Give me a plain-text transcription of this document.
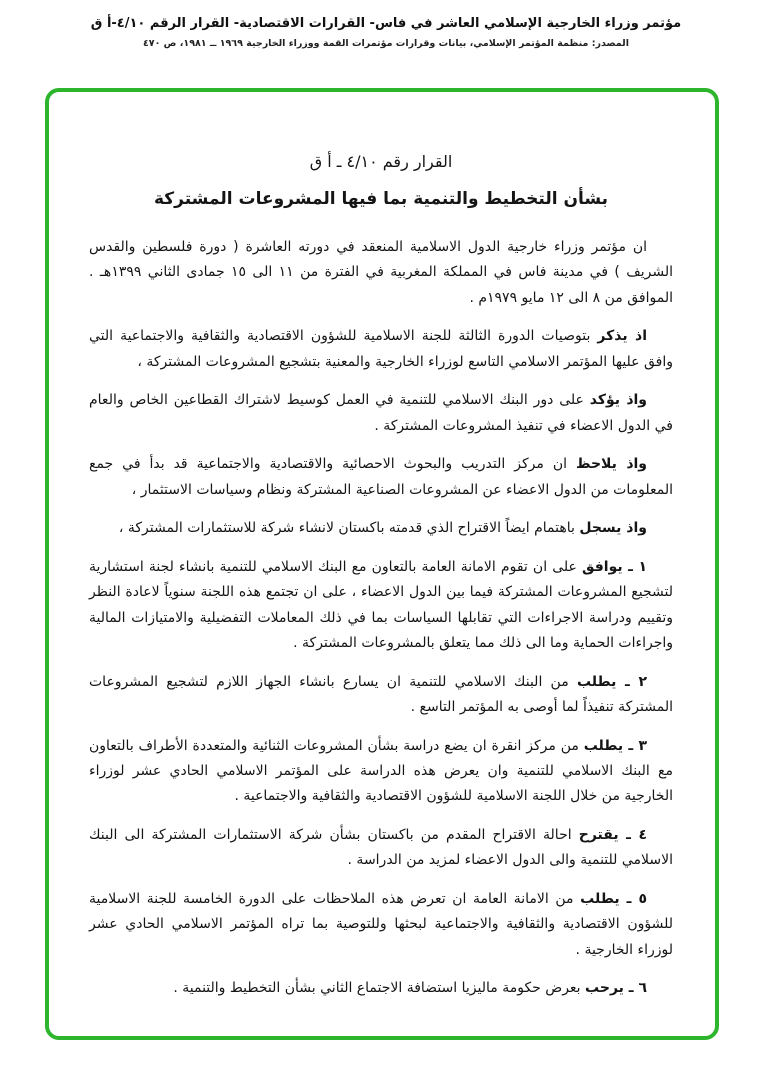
مؤتمر وزراء الخارجية الإسلامي العاشر في فاس- القرارات الاقتصادية- القرار الرقم ٤/١٠-أ ق
المصدر: منظمة المؤتمر الإسلامي، بيانات وقرارات مؤتمرات القمة ووزراء الخارجية ١٩٦٩ ــ ١٩٨١، ص ٤٧٠
القرار رقم ٤/١٠ ـ أ ق
بشأن التخطيط والتنمية بما فيها المشروعات المشتركة

ان مؤتمر وزراء خارجية الدول الاسلامية المنعقد في دورته العاشرة ( دورة فلسطين والقدس الشريف ) في مدينة فاس في المملكة المغربية في الفترة من ١١ الى ١٥ جمادى الثاني ١٣٩٩هـ . الموافق من ٨ الى ١٢ مايو ١٩٧٩م .

اذ يذكر بتوصيات الدورة الثالثة للجنة الاسلامية للشؤون الاقتصادية والثقافية والاجتماعية التي وافق عليها المؤتمر الاسلامي التاسع لوزراء الخارجية والمعنية بتشجيع المشروعات المشتركة ،

واذ يؤكد على دور البنك الاسلامي للتنمية في العمل كوسيط لاشتراك القطاعين الخاص والعام في الدول الاعضاء في تنفيذ المشروعات المشتركة .

واذ يلاحظ ان مركز التدريب والبحوث الاحصائية والاقتصادية والاجتماعية قد بدأ في جمع المعلومات من الدول الاعضاء عن المشروعات الصناعية المشتركة ونظام وسياسات الاستثمار ،

واذ يسجل باهتمام ايضاً الاقتراح الذي قدمته باكستان لانشاء شركة للاستثمارات المشتركة ،

١ ـ يوافق على ان تقوم الامانة العامة بالتعاون مع البنك الاسلامي للتنمية بانشاء لجنة استشارية لتشجيع المشروعات المشتركة فيما بين الدول الاعضاء ، على ان تجتمع هذه اللجنة سنوياً لاعادة النظر وتقييم ودراسة الاجراءات التي تقابلها السياسات بما في ذلك المعاملات التفضيلية والامتيازات المالية واجراءات الحماية وما الى ذلك مما يتعلق بالمشروعات المشتركة .

٢ ـ يطلب من البنك الاسلامي للتنمية ان يسارع بانشاء الجهاز اللازم لتشجيع المشروعات المشتركة تنفيذاً لما أوصى به المؤتمر التاسع .

٣ ـ يطلب من مركز انقرة ان يضع دراسة بشأن المشروعات الثنائية والمتعددة الأطراف بالتعاون مع البنك الاسلامي للتنمية وان يعرض هذه الدراسة على المؤتمر الاسلامي الحادي عشر لوزراء الخارجية من خلال اللجنة الاسلامية للشؤون الاقتصادية والثقافية والاجتماعية .

٤ ـ يقترح احالة الاقتراح المقدم من باكستان بشأن شركة الاستثمارات المشتركة الى البنك الاسلامي للتنمية والى الدول الاعضاء لمزيد من الدراسة .

٥ ـ يطلب من الامانة العامة ان تعرض هذه الملاحظات على الدورة الخامسة للجنة الاسلامية للشؤون الاقتصادية والثقافية والاجتماعية لبحثها وللتوصية بما تراه المؤتمر الاسلامي الحادي عشر لوزراء الخارجية .

٦ ـ يرحب بعرض حكومة ماليزيا استضافة الاجتماع الثاني بشأن التخطيط والتنمية .
